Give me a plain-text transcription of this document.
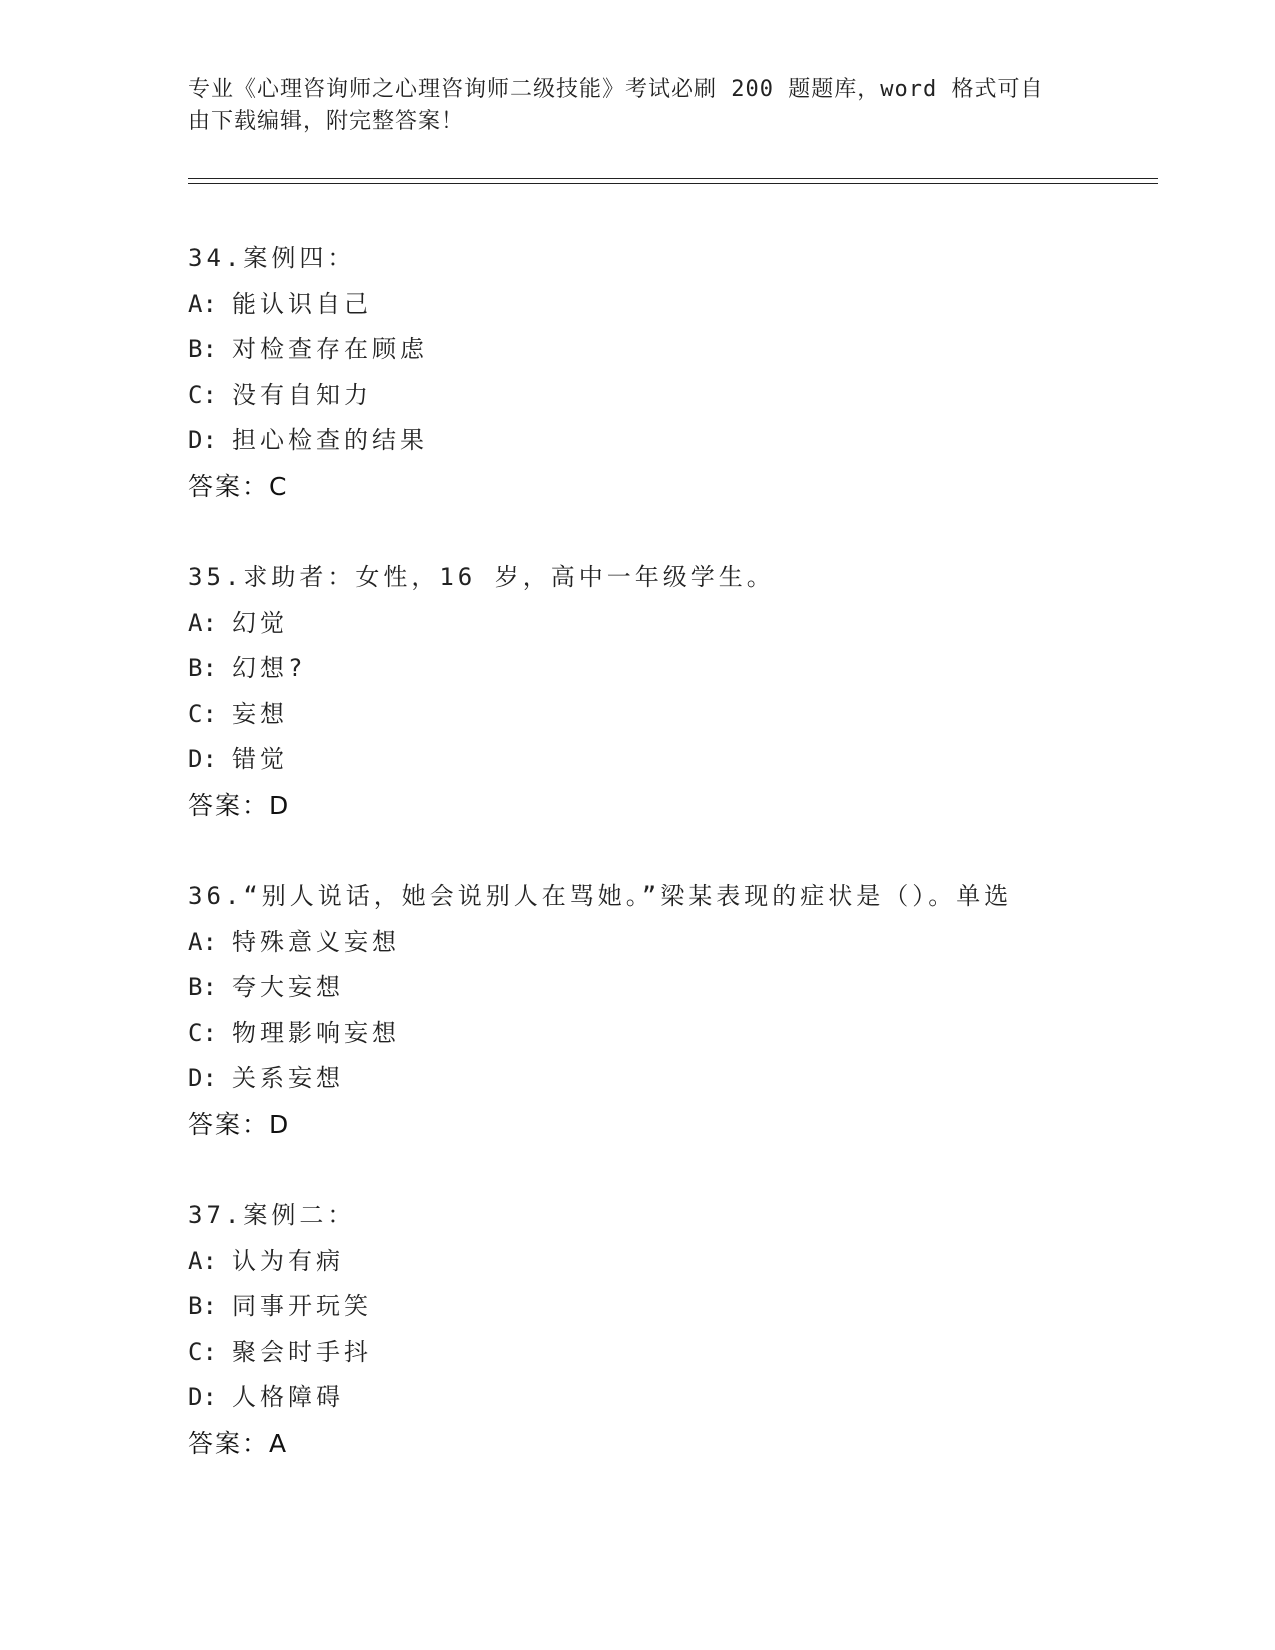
专业《心理咨询师之心理咨询师二级技能》考试必刷 200 题题库，word 格式可自
由下载编辑，附完整答案！
34.案例四：
A: 能认识自己
B: 对检查存在顾虑
C: 没有自知力
D: 担心检查的结果
答案：C
35.求助者：女性，16 岁，高中一年级学生。
A: 幻觉
B: 幻想?
C: 妄想
D: 错觉
答案：D
36.“别人说话，她会说别人在骂她。”梁某表现的症状是（）。单选
A: 特殊意义妄想
B: 夸大妄想
C: 物理影响妄想
D: 关系妄想
答案：D
37.案例二：
A: 认为有病
B: 同事开玩笑
C: 聚会时手抖
D: 人格障碍
答案：A
